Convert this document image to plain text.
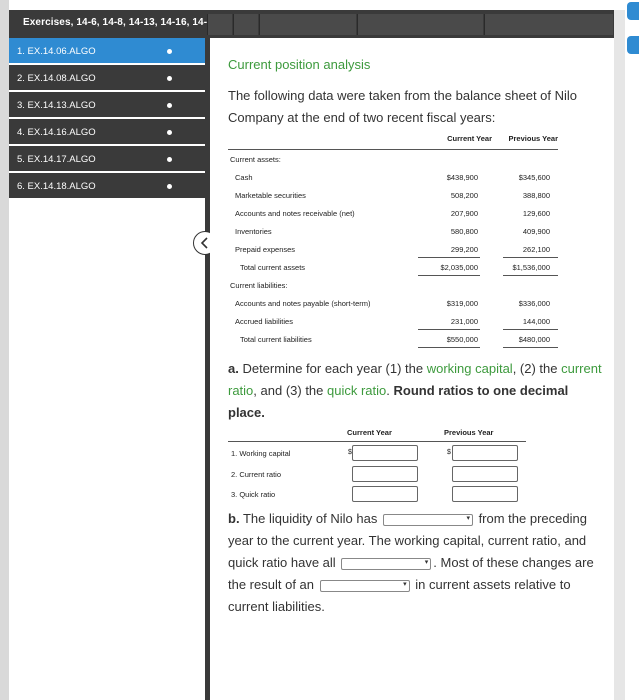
Exercises, 14-6, 14-8, 14-13, 14-16, 14-
1. EX.14.06.ALGO
2. EX.14.08.ALGO
3. EX.14.13.ALGO
4. EX.14.16.ALGO
5. EX.14.17.ALGO
6. EX.14.18.ALGO
Current position analysis
The following data were taken from the balance sheet of Nilo Company at the end of two recent fiscal years:
Current Year Previous Year
Current assets:
Cash	$438,900	$345,600
Marketable securities	508,200	388,800
Accounts and notes receivable (net)	207,900	129,600
Inventories	580,800	409,900
Prepaid expenses	299,200	262,100
Total current assets	$2,035,000	$1,536,000
Current liabilities:
Accounts and notes payable (short-term)	$319,000	$336,000
Accrued liabilities	231,000	144,000
Total current liabilities	$550,000	$480,000
a. Determine for each year (1) the working capital, (2) the current ratio, and (3) the quick ratio. Round ratios to one decimal place.
Current Year	Previous Year
1. Working capital	$	$
2. Current ratio
3. Quick ratio
b. The liquidity of Nilo has	▾ from the preceding year to the current year. The working capital, current ratio, and quick ratio have all	▾ . Most of these changes are the result of an	▾ in current assets relative to current liabilities.
